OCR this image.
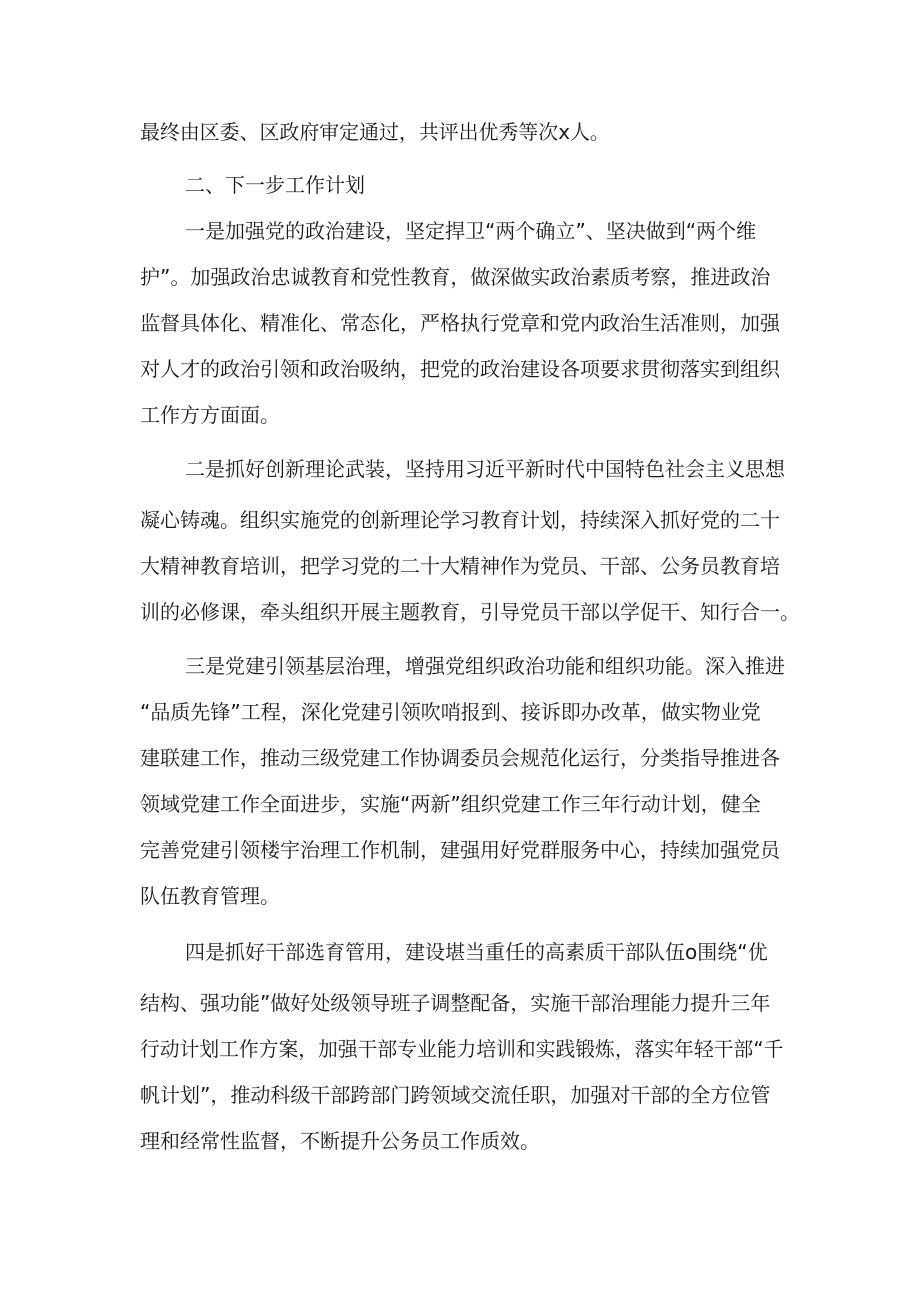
最终由区委、区政府审定通过，共评出优秀等次x人。
二、下一步工作计划
一是加强党的政治建设，坚定捍卫“两个确立”、坚决做到“两个维
护”。加强政治忠诚教育和党性教育，做深做实政治素质考察，推进政治
监督具体化、精准化、常态化，严格执行党章和党内政治生活准则，加强
对人才的政治引领和政治吸纳，把党的政治建设各项要求贯彻落实到组织
工作方方面面。
二是抓好创新理论武装，坚持用习近平新时代中国特色社会主义思想
凝心铸魂。组织实施党的创新理论学习教育计划，持续深入抓好党的二十
大精神教育培训，把学习党的二十大精神作为党员、干部、公务员教育培
训的必修课，牵头组织开展主题教育，引导党员干部以学促干、知行合一。
三是党建引领基层治理，增强党组织政治功能和组织功能。深入推进
“品质先锋”工程，深化党建引领吹哨报到、接诉即办改革，做实物业党
建联建工作，推动三级党建工作协调委员会规范化运行，分类指导推进各
领域党建工作全面进步，实施“两新”组织党建工作三年行动计划，健全
完善党建引领楼宇治理工作机制，建强用好党群服务中心，持续加强党员
队伍教育管理。
四是抓好干部选育管用，建设堪当重任的高素质干部队伍o围绕“优
结构、强功能”做好处级领导班子调整配备，实施干部治理能力提升三年
行动计划工作方案，加强干部专业能力培训和实践锻炼，落实年轻干部“千
帆计划”，推动科级干部跨部门跨领域交流任职，加强对干部的全方位管
理和经常性监督，不断提升公务员工作质效。
